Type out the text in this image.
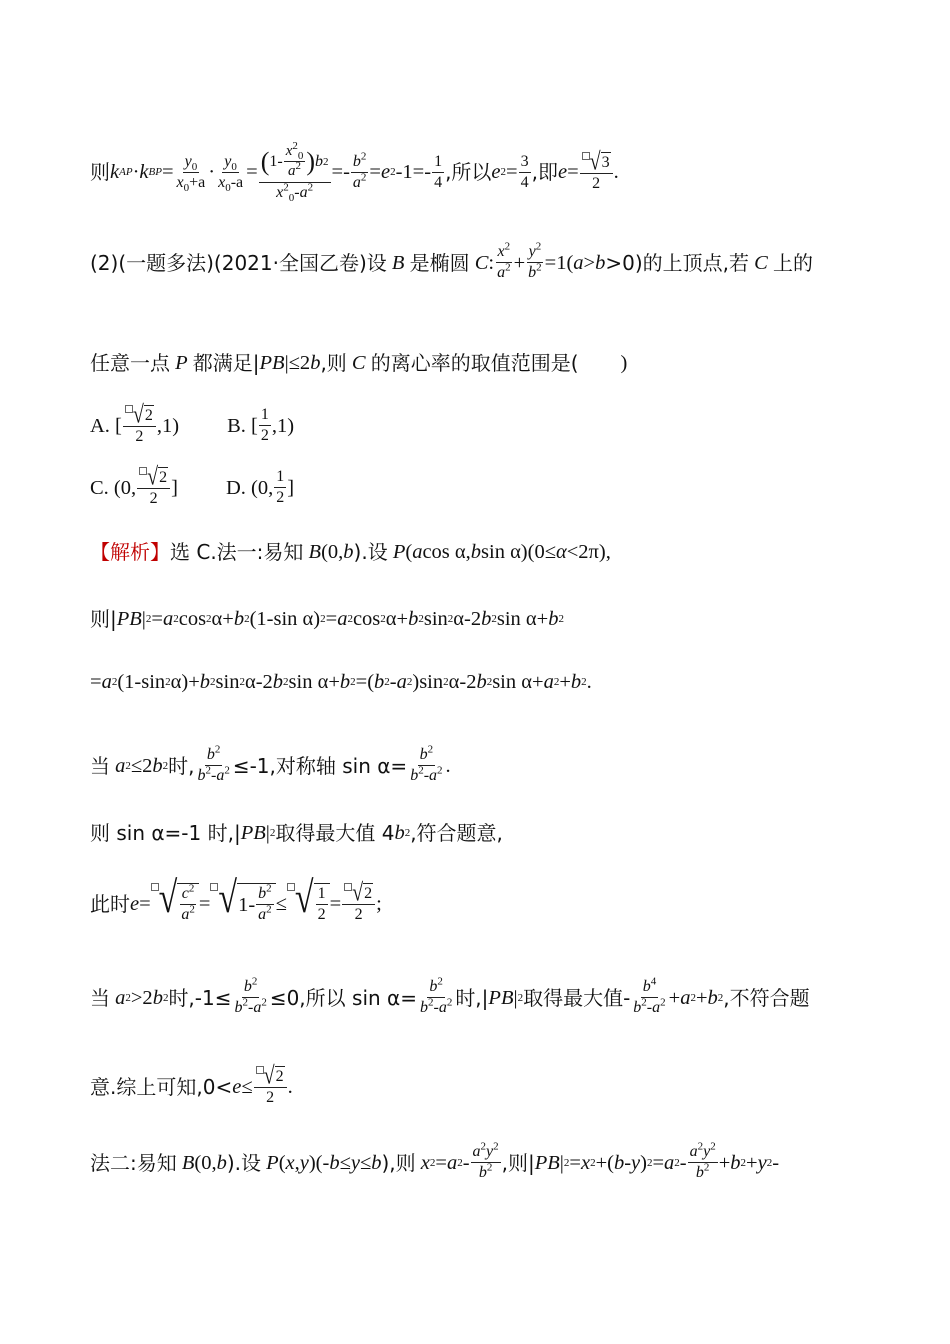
则 k AP · k BP = $\frac{y_0}{x_0+a} \cdot \frac{y_0}{x_0-a} = \frac{( 1- \frac{x^2_0}{a^2} ) b 2}{x^2_0-a^2} =- \frac{b^2}{a^2} = e$ 2 $-1=- \frac{1}{4}$ ,所以 e $2 = \frac{3}{4}$ ,即 $e = \frac{√ 3}{2}$ .
(2)(一题多法)(2021·全国乙卷)设
B
是椭圆
C : $\frac{x^2}{a^2} + \frac{y^2}{b^2} =1$( a > b >0)的上顶点,若
C
上的
任意一点
P
都满足| PB |≤2 b ,则
C
的离心率的取值范围是( )
A. [ $\frac{√ 2}{2} ,1$) B. [ $\frac{1}{2} ,1$)
C. (0, $\frac{√ 2}{2}$ ] D. (0, $\frac{1}{2}$ ]
【解析】 选 C.法一:易知
B (0, b ).设
P ( a cos α, b sin α)(0≤ α <2π),
则| PB | 2 = a 2 cos 2 α+ b 2 (1-sin α) 2 = a 2 cos 2 α+ b 2 sin 2 α-2 b 2 sin α+ b 2
= a 2 (1-sin 2 α)+ b 2 sin 2 α-2 b 2 sin α+ b 2 =( b 2 - a 2 )sin 2 α-2 b 2 sin α+ a 2 + b 2 .
当
a 2 ≤2 b 2 时, $\frac{b^2}{b^2-a^2} \le-1$,对称轴 $\sin \alpha= \frac{b^2}{b^2-a^2}$ .
则 sin α=-1 时,| PB | 2 取得最大值 4 b 2 ,符合题意,
此时 e = √ $\frac{c^2}{a^2}$ = √ $1- \frac{b^2}{a^2}$ ≤ √ $\frac{1}{2} = \frac{√ 2}{2}$ ;
当
a 2 >2 b 2 时$,-1\le \frac{b^2}{b^2-a^2} \le 0$,所以 $\sin \alpha= \frac{b^2}{b^2-a^2}$ 时,| PB | 2 取得最大值- $\frac{b^4}{b^2-a^2} + a$ 2 + b 2 ,不符合题
意.综上可知$,0< e \le \frac{√ 2}{2}$ .
法二:易知
B (0, b ).设
P ( x , y )(- b ≤ y ≤ b ),则
x 2 = a $2 - \frac{a^2y^2}{b^2}$ ,则| PB | 2 = x 2 +( b - y ) 2 = a $2 - \frac{a^2y^2}{b^2} + b$ 2 + y 2 -
